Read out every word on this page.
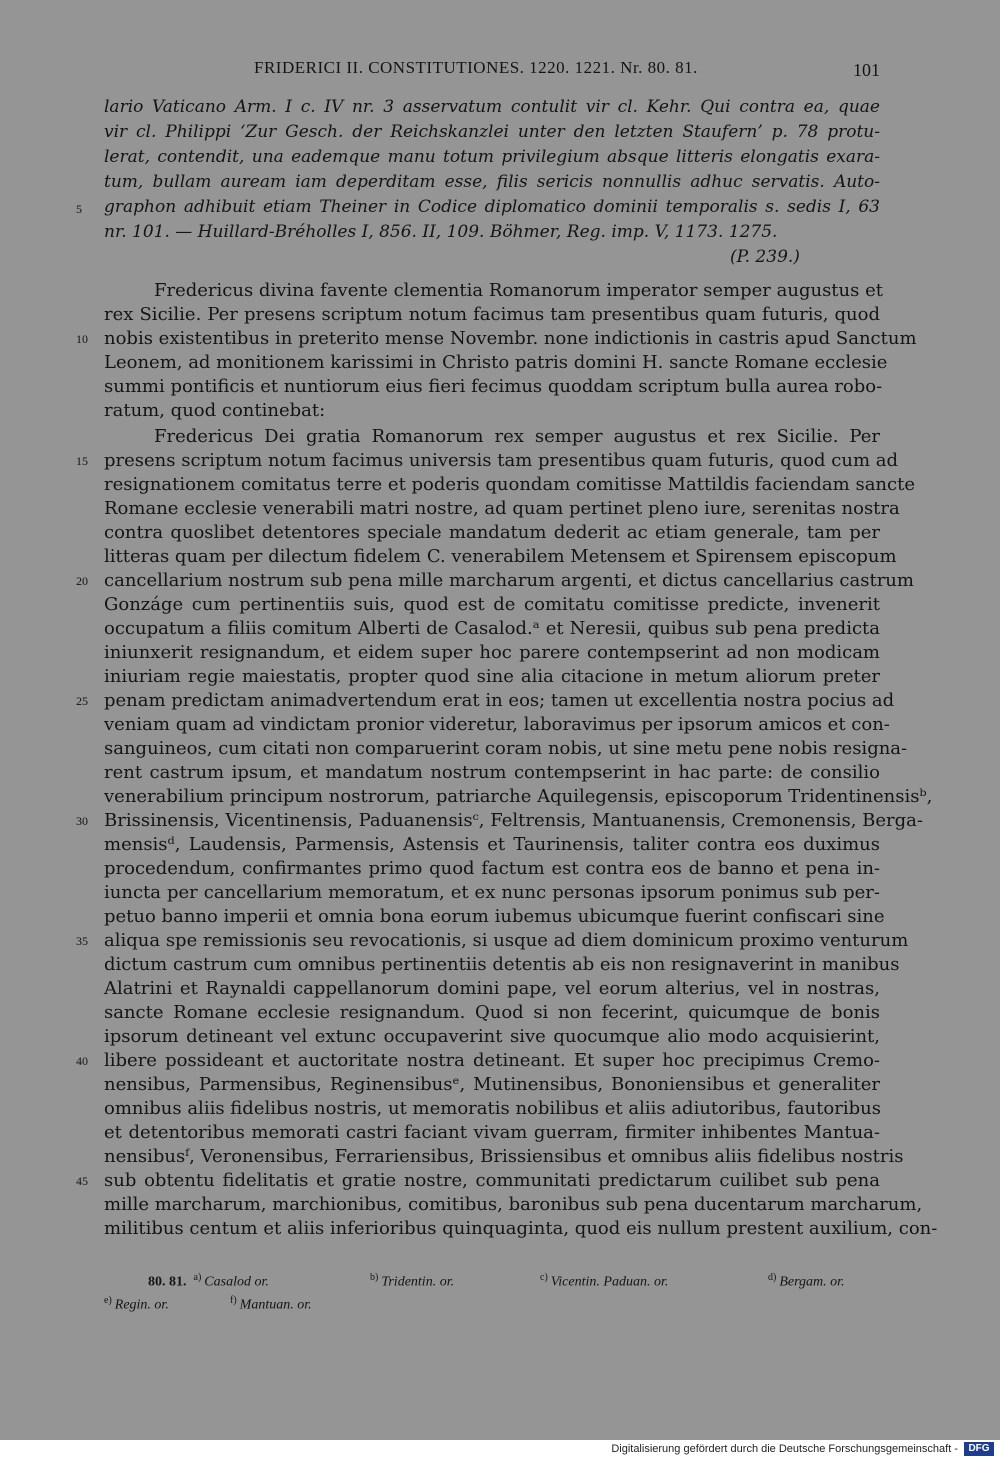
FRIDERICI II. CONSTITUTIONES. 1220. 1221. Nr. 80. 81.	101
lario Vaticano Arm. I c. IV nr. 3 asservatum contulit vir cl. Kehr. Qui contra ea, quae
vir cl. Philippi ‘Zur Gesch. der Reichskanzlei unter den letzten Staufern’ p. 78 protu-
lerat, contendit, una eademque manu totum privilegium absque litteris elongatis exara-
tum, bullam auream iam deperditam esse, filis sericis nonnullis adhuc servatis. Auto-
graphon adhibuit etiam Theiner in Codice diplomatico dominii temporalis s. sedis I, 63
nr. 101. — Huillard-Bréholles I, 856. II, 109. Böhmer, Reg. imp. V, 1173. 1275.
(P. 239.)
Fredericus divina favente clementia Romanorum imperator semper augustus et
rex Sicilie. Per presens scriptum notum facimus tam presentibus quam futuris, quod
nobis existentibus in preterito mense Novembr. none indictionis in castris apud Sanctum
Leonem, ad monitionem karissimi in Christo patris domini H. sancte Romane ecclesie
summi pontificis et nuntiorum eius fieri fecimus quoddam scriptum bulla aurea robo-
ratum, quod continebat:
Fredericus Dei gratia Romanorum rex semper augustus et rex Sicilie. Per
presens scriptum notum facimus universis tam presentibus quam futuris, quod cum ad
resignationem comitatus terre et poderis quondam comitisse Mattildis faciendam sancte
Romane ecclesie venerabili matri nostre, ad quam pertinet pleno iure, serenitas nostra
contra quoslibet detentores speciale mandatum dederit ac etiam generale, tam per
litteras quam per dilectum fidelem C. venerabilem Metensem et Spirensem episcopum
cancellarium nostrum sub pena mille marcharum argenti, et dictus cancellarius castrum
Gonzáge cum pertinentiis suis, quod est de comitatu comitisse predicte, invenerit
occupatum a filiis comitum Alberti de Casalod.ᵃ et Neresii, quibus sub pena predicta
iniunxerit resignandum, et eidem super hoc parere contempserint ad non modicam
iniuriam regie maiestatis, propter quod sine alia citacione in metum aliorum preter
penam predictam animadvertendum erat in eos; tamen ut excellentia nostra pocius ad
veniam quam ad vindictam pronior videretur, laboravimus per ipsorum amicos et con-
sanguineos, cum citati non comparuerint coram nobis, ut sine metu pene nobis resigna-
rent castrum ipsum, et mandatum nostrum contempserint in hac parte: de consilio
venerabilium principum nostrorum, patriarche Aquilegensis, episcoporum Tridentinensisᵇ,
Brissinensis, Vicentinensis, Paduanensisᶜ, Feltrensis, Mantuanensis, Cremonensis, Berga-
mensisᵈ, Laudensis, Parmensis, Astensis et Taurinensis, taliter contra eos duximus
procedendum, confirmantes primo quod factum est contra eos de banno et pena in-
iuncta per cancellarium memoratum, et ex nunc personas ipsorum ponimus sub per-
petuo banno imperii et omnia bona eorum iubemus ubicumque fuerint confiscari sine
aliqua spe remissionis seu revocationis, si usque ad diem dominicum proximo venturum
dictum castrum cum omnibus pertinentiis detentis ab eis non resignaverint in manibus
Alatrini et Raynaldi cappellanorum domini pape, vel eorum alterius, vel in nostras,
sancte Romane ecclesie resignandum. Quod si non fecerint, quicumque de bonis
ipsorum detineant vel extunc occupaverint sive quocumque alio modo acquisierint,
libere possideant et auctoritate nostra detineant. Et super hoc precipimus Cremo-
nensibus, Parmensibus, Reginensibusᵉ, Mutinensibus, Bononiensibus et generaliter
omnibus aliis fidelibus nostris, ut memoratis nobilibus et aliis adiutoribus, fautoribus
et detentoribus memorati castri faciant vivam guerram, firmiter inhibentes Mantua-
nensibusᶠ, Veronensibus, Ferrariensibus, Brissiensibus et omnibus aliis fidelibus nostris
sub obtentu fidelitatis et gratie nostre, communitati predictarum cuilibet sub pena
mille marcharum, marchionibus, comitibus, baronibus sub pena ducentarum marcharum,
militibus centum et aliis inferioribus quinquaginta, quod eis nullum prestent auxilium, con-
5
10
15
20
25
30
35
40
45
80. 81. $^{a)}$ Casalod or.	$^{b)}$ Tridentin. or.	$^{c)}$ Vicentin. Paduan. or.	$^{d)}$ Bergam. or.
$^{e)}$ Regin. or.	$^{f)}$ Mantuan. or.
Digitalisierung gefördert durch die Deutsche Forschungsgemeinschaft -	DFG
